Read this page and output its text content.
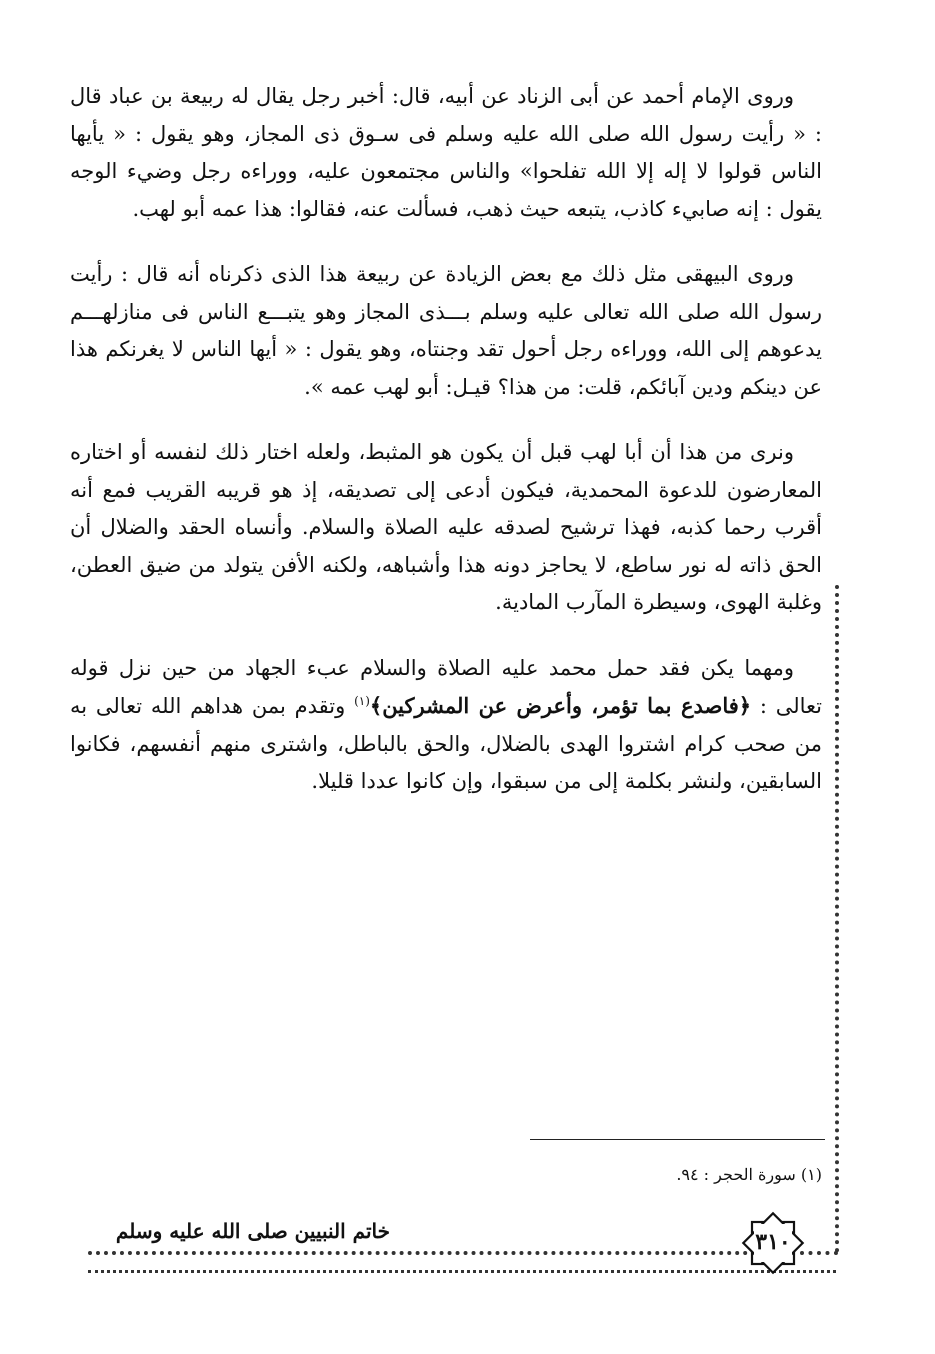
وروى الإمام أحمد عن أبى الزناد عن أبيه، قال: أخبر رجل يقال له ربيعة بن عباد قال : « رأيت رسول الله صلى الله عليه وسلم فى سـوق ذى المجاز، وهو يقول : « يأيها الناس قولوا لا إله إلا الله تفلحوا» والناس مجتمعون عليه، ووراءه رجل وضيء الوجه يقول : إنه صابيء كاذب، يتبعه حيث ذهب، فسألت عنه، فقالوا: هذا عمه أبو لهب.

وروى البيهقى مثل ذلك مع بعض الزيادة عن ربيعة هذا الذى ذكرناه أنه قال : رأيت رسول الله صلى الله تعالى عليه وسلم بـــذى المجاز وهو يتبـــع الناس فى منازلهـــم يدعوهم إلى الله، ووراءه رجل أحول تقد وجنتاه، وهو يقول : « أيها الناس لا يغرنكم هذا عن دينكم ودين آبائكم، قلت: من هذا؟ قيـل: أبو لهب عمه ».

ونرى من هذا أن أبا لهب قبل أن يكون هو المثبط، ولعله اختار ذلك لنفسه أو اختاره المعارضون للدعوة المحمدية، فيكون أدعى إلى تصديقه، إذ هو قريبه القريب فمع أنه أقرب رحما كذبه، فهذا ترشيح لصدقه عليه الصلاة والسلام. وأنساه الحقد والضلال أن الحق ذاته له نور ساطع، لا يحاجز دونه هذا وأشباهه، ولكنه الأفن يتولد من ضيق العطن، وغلبة الهوى، وسيطرة المآرب المادية.

ومهما يكن فقد حمل محمد عليه الصلاة والسلام عبء الجهاد من حين نزل قوله تعالى : ﴿فاصدع بما تؤمر، وأعرض عن المشركين﴾$^{(١)}$ وتقدم بمن هداهم الله تعالى به من صحب كرام اشتروا الهدى بالضلال، والحق بالباطل، واشترى منهم أنفسهم، فكانوا السابقين، ولنشر بكلمة إلى من سبقوا، وإن كانوا عددا قليلا.

(١) سورة الحجر : ٩٤.
خاتم النبيين صلى الله عليه وسلم	٣١٠
